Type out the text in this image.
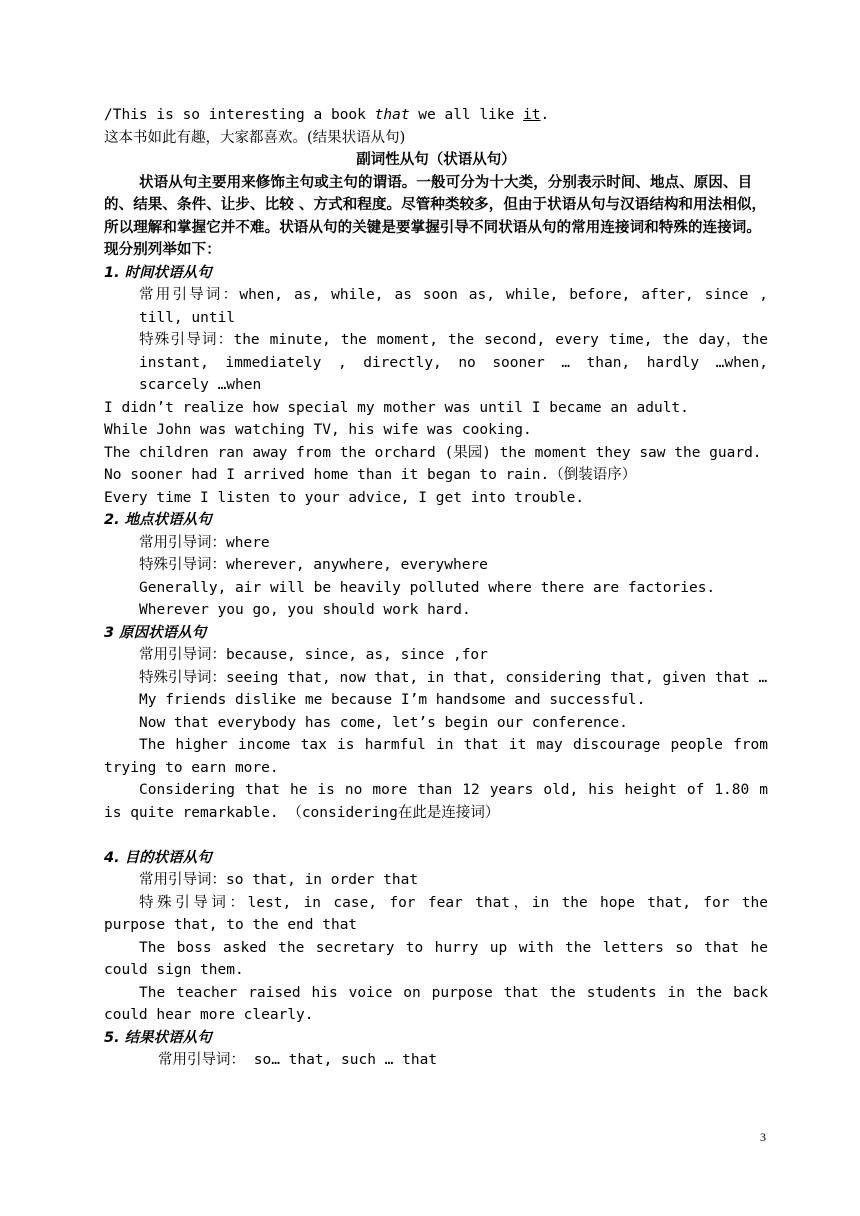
/This is so interesting a book that we all like it.
这本书如此有趣，大家都喜欢。(结果状语从句)
副词性从句（状语从句）
状语从句主要用来修饰主句或主句的谓语。一般可分为十大类，分别表示时间、地点、原因、目的、结果、条件、让步、比较 、方式和程度。尽管种类较多，但由于状语从句与汉语结构和用法相似，所以理解和掌握它并不难。状语从句的关键是要掌握引导不同状语从句的常用连接词和特殊的连接词。现分别列举如下：
1. 时间状语从句
常用引导词：when, as, while, as soon as, while, before, after, since , till, until
特殊引导词：the minute, the moment, the second, every time, the day，the instant, immediately , directly, no sooner … than, hardly …when, scarcely …when
I didn’t realize how special my mother was until I became an adult.
While John was watching TV, his wife was cooking.
The children ran away from the orchard (果园) the moment they saw the guard.
No sooner had I arrived home than it began to rain.（倒装语序）
Every time I listen to your advice, I get into trouble.
2. 地点状语从句
常用引导词：where
特殊引导词：wherever, anywhere, everywhere
Generally, air will be heavily polluted where there are factories.
Wherever you go, you should work hard.
3 原因状语从句
常用引导词：because, since, as, since ,for
特殊引导词：seeing that, now that, in that, considering that, given that …
My friends dislike me because I’m handsome and successful.
Now that everybody has come, let’s begin our conference.
The higher income tax is harmful in that it may discourage people from trying to earn more.
Considering that he is no more than 12 years old, his height of 1.80 m is quite remarkable. （considering在此是连接词）
4. 目的状语从句
常用引导词：so that, in order that
特殊引导词：lest, in case, for fear that，in the hope that, for the purpose that, to the end that
The boss asked the secretary to hurry up with the letters so that he could sign them.
The teacher raised his voice on purpose that the students in the back could hear more clearly.
5. 结果状语从句
常用引导词： so… that, such … that
3
